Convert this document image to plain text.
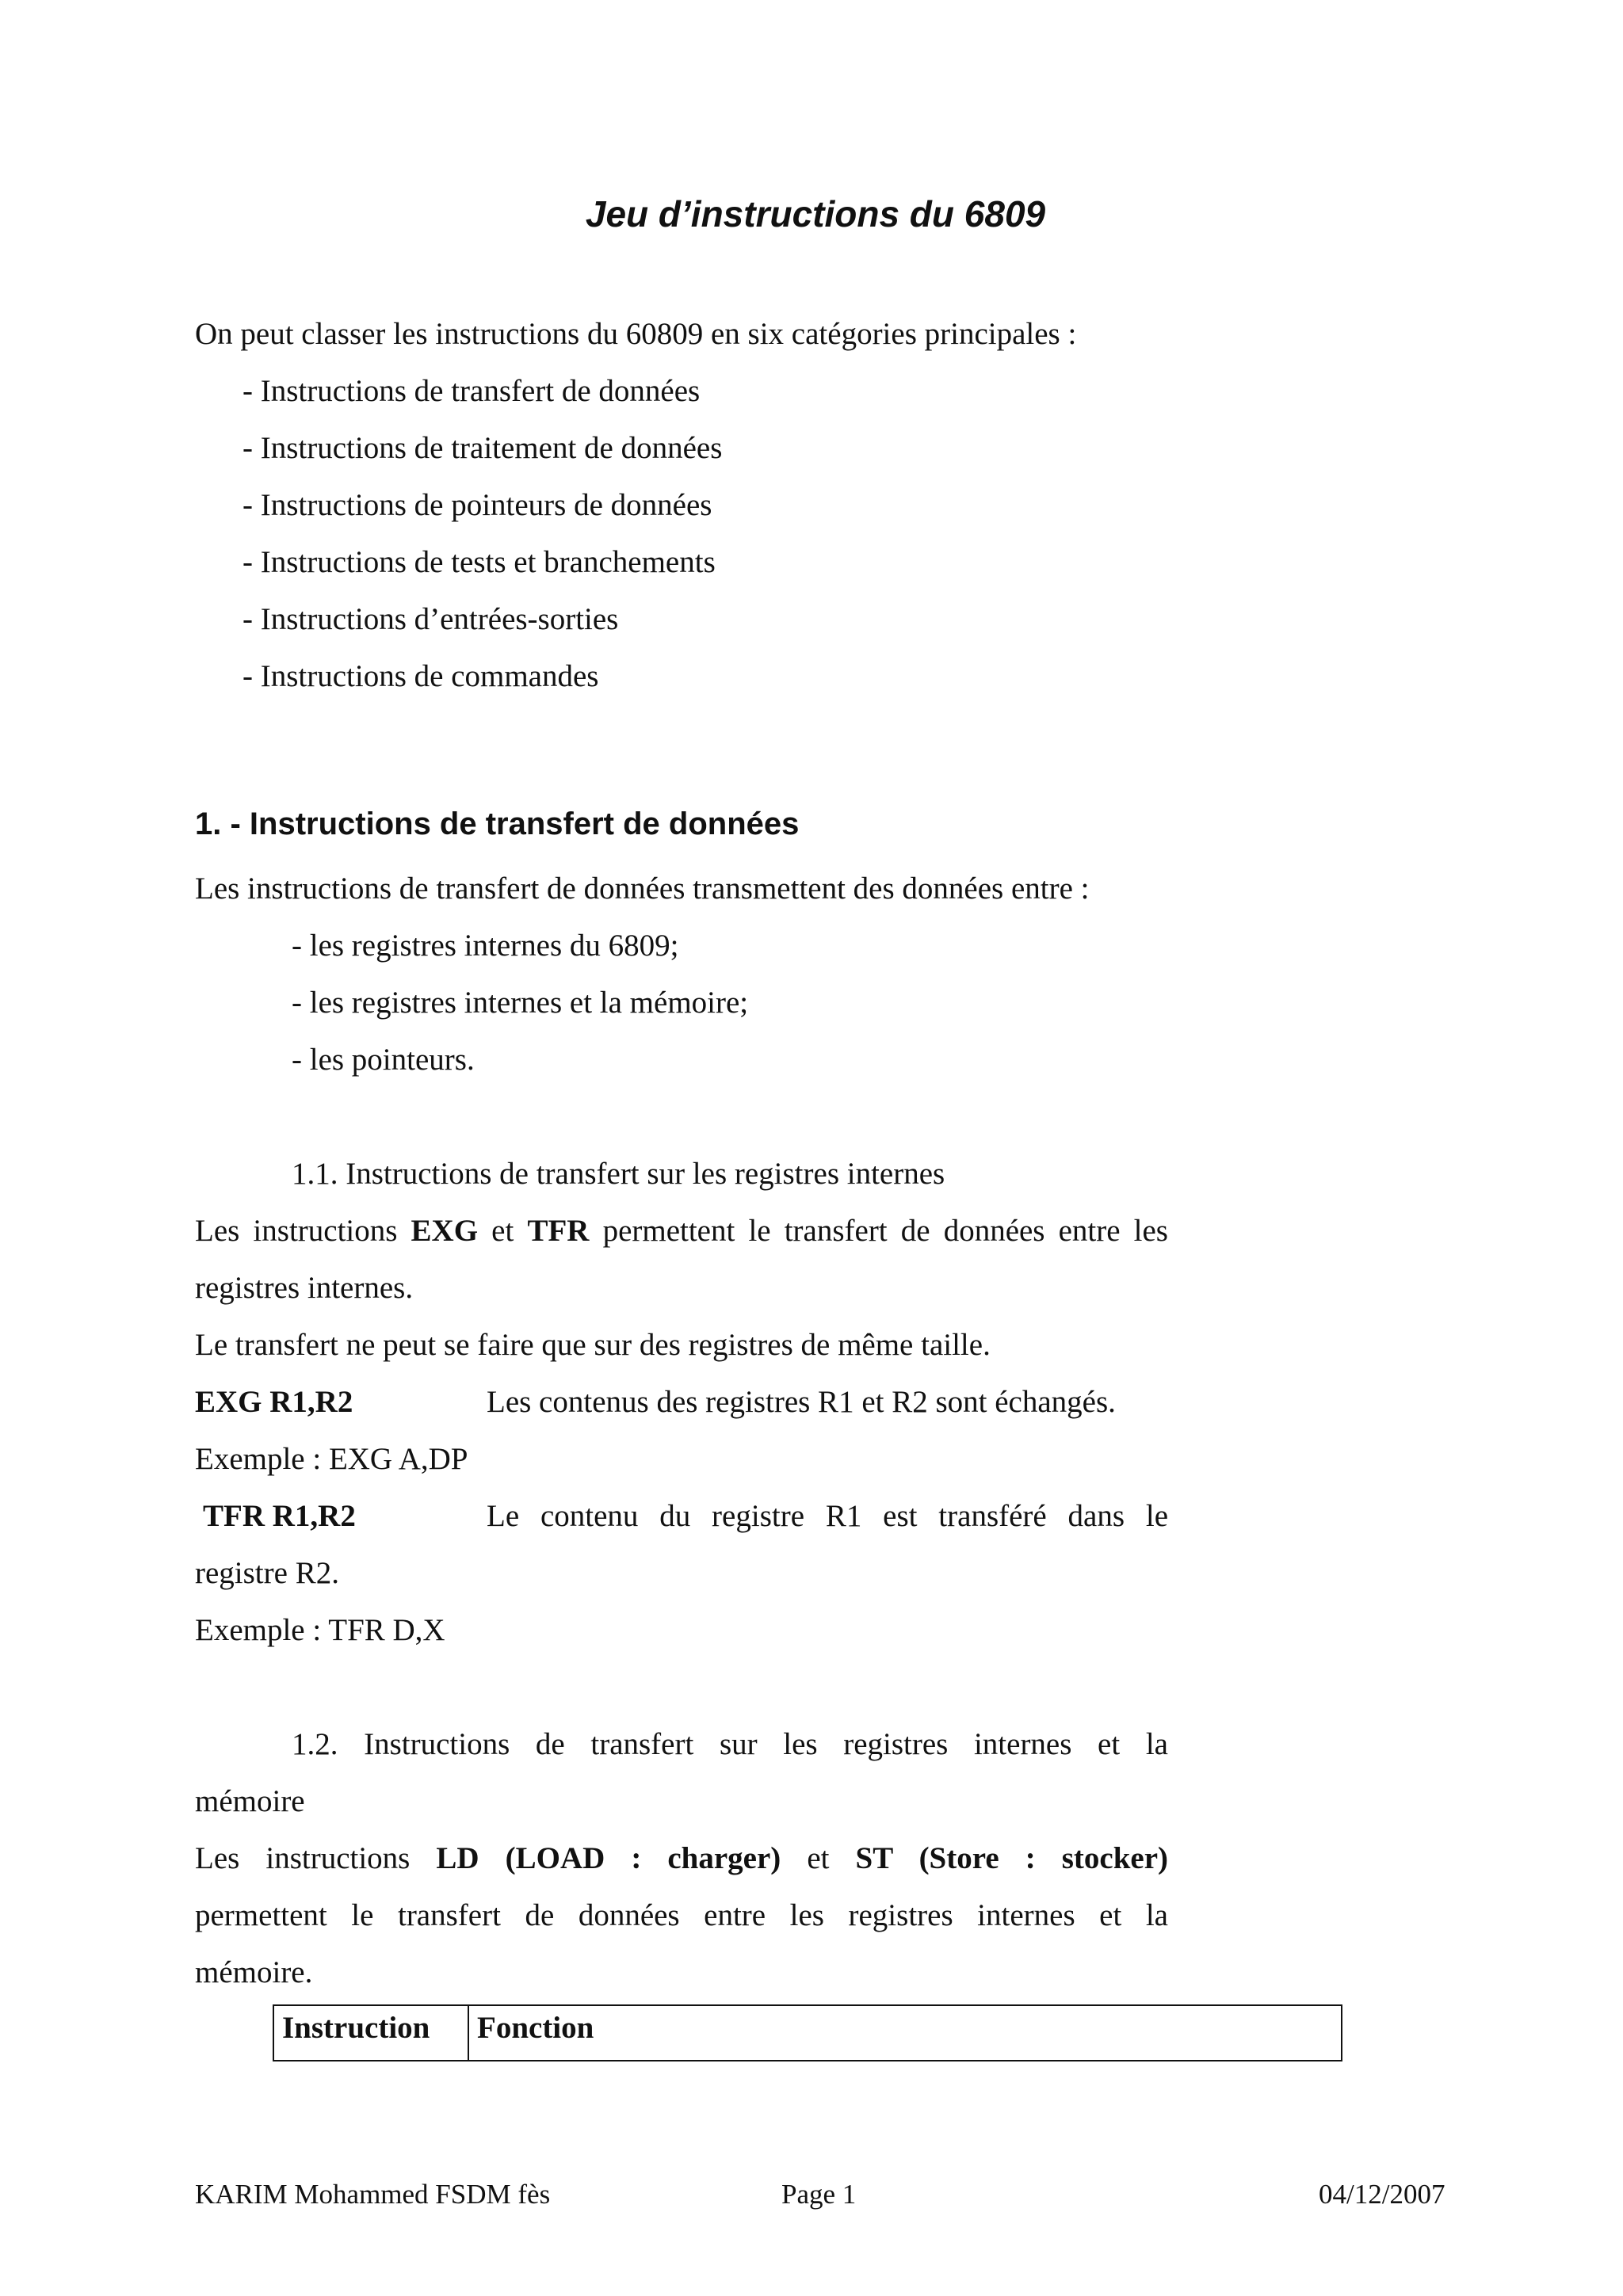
Jeu d’instructions du 6809
On peut classer les instructions du 60809 en six catégories principales :
- Instructions de transfert de données
- Instructions de traitement de données
- Instructions de pointeurs de données
- Instructions de tests et branchements
- Instructions d’entrées-sorties
- Instructions de commandes
1. - Instructions de transfert de données
Les instructions de transfert de données transmettent des données entre :
- les registres internes du 6809;
- les registres internes et la mémoire;
- les pointeurs.
1.1. Instructions de transfert sur les registres internes
Les instructions EXG et TFR permettent le transfert de données entre les
registres internes.
Le transfert ne peut se faire que sur des registres de même taille.
EXG R1,R2	Les contenus des registres R1 et R2 sont échangés.
Exemple : EXG A,DP
TFR R1,R2	Le contenu du registre R1 est transféré dans le
registre R2.
Exemple : TFR D,X
1.2. Instructions de transfert sur les registres internes et la
mémoire
Les instructions LD (LOAD : charger) et ST (Store : stocker)
permettent le transfert de données entre les registres internes et la
mémoire.
Instruction	Fonction
KARIM Mohammed FSDM fès	Page 1	04/12/2007
